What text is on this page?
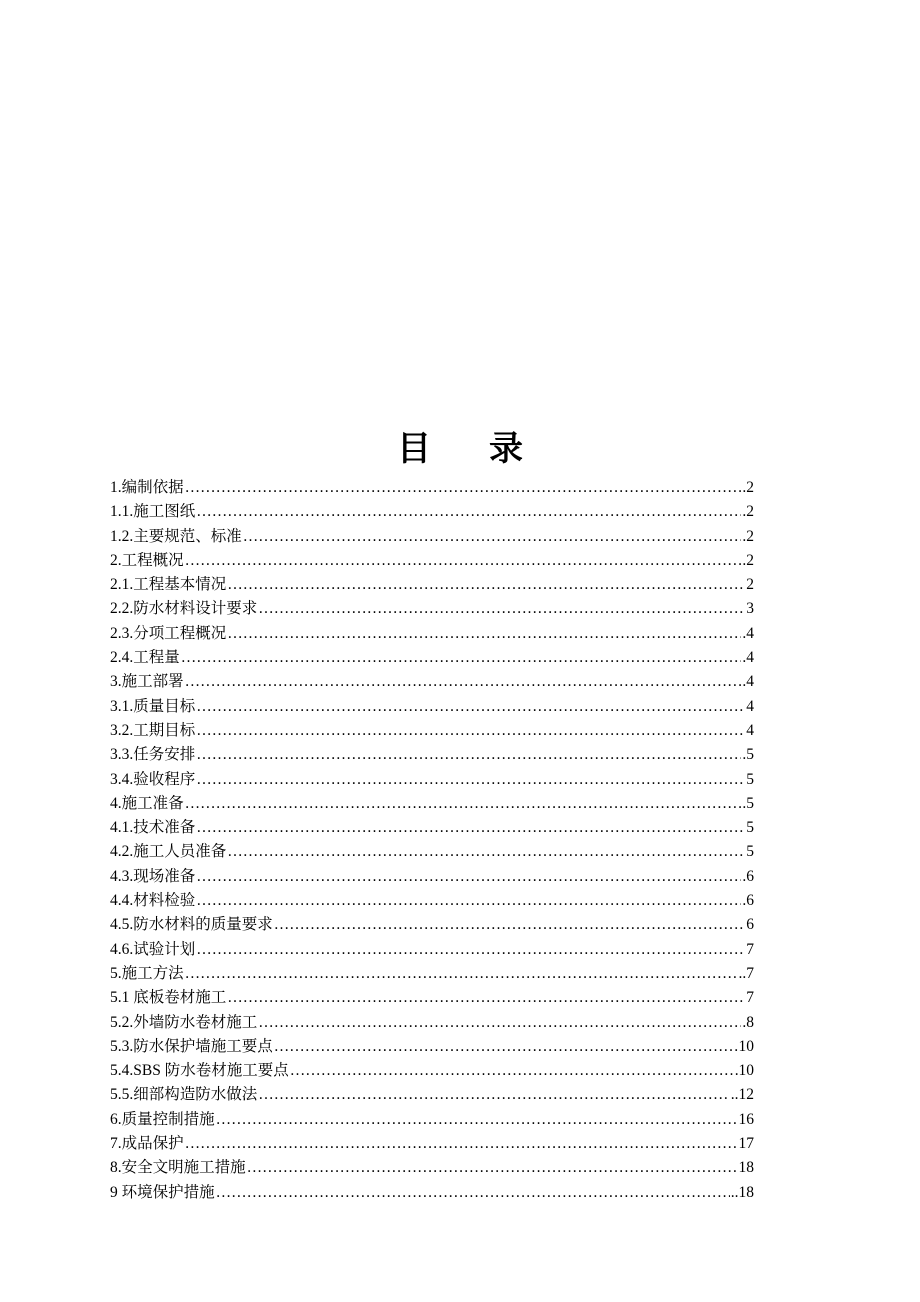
目 录
1.编制依据 …………………………………………………………………………………………………………………………………………………………………………………………	.2
1.1.施工图纸 …………………………………………………………………………………………………………………………………………………………………………………………	.2
1.2.主要规范、标准 …………………………………………………………………………………………………………………………………………………………………………………………	.2
2.工程概况 …………………………………………………………………………………………………………………………………………………………………………………………	.2
2.1.工程基本情况 …………………………………………………………………………………………………………………………………………………………………………………………	2
2.2.防水材料设计要求 …………………………………………………………………………………………………………………………………………………………………………………………	3
2.3.分项工程概况 …………………………………………………………………………………………………………………………………………………………………………………………	.4
2.4.工程量 …………………………………………………………………………………………………………………………………………………………………………………………	.4
3.施工部署 …………………………………………………………………………………………………………………………………………………………………………………………	.4
3.1.质量目标 …………………………………………………………………………………………………………………………………………………………………………………………	4
3.2.工期目标 …………………………………………………………………………………………………………………………………………………………………………………………	4
3.3.任务安排 …………………………………………………………………………………………………………………………………………………………………………………………	.5
3.4.验收程序 …………………………………………………………………………………………………………………………………………………………………………………………	5
4.施工准备 …………………………………………………………………………………………………………………………………………………………………………………………	.5
4.1.技术准备 …………………………………………………………………………………………………………………………………………………………………………………………	5
4.2.施工人员准备 …………………………………………………………………………………………………………………………………………………………………………………………	5
4.3.现场准备 …………………………………………………………………………………………………………………………………………………………………………………………	.6
4.4.材料检验 …………………………………………………………………………………………………………………………………………………………………………………………	.6
4.5.防水材料的质量要求 …………………………………………………………………………………………………………………………………………………………………………………………	6
4.6.试验计划 …………………………………………………………………………………………………………………………………………………………………………………………	7
5.施工方法 …………………………………………………………………………………………………………………………………………………………………………………………	..7
5.1 底板卷材施工 …………………………………………………………………………………………………………………………………………………………………………………………	7
5.2.外墙防水卷材施工 …………………………………………………………………………………………………………………………………………………………………………………………	.8
5.3.防水保护墙施工要点 …………………………………………………………………………………………………………………………………………………………………………………………	10
5.4.SBS 防水卷材施工要点 …………………………………………………………………………………………………………………………………………………………………………………………	10
5.5.细部构造防水做法 …………………………………………………………………………………………………………………………………………………………………………………………	..12
6.质量控制措施 …………………………………………………………………………………………………………………………………………………………………………………………	16
7.成品保护 …………………………………………………………………………………………………………………………………………………………………………………………	17
8.安全文明施工措施 …………………………………………………………………………………………………………………………………………………………………………………………	18
9 环境保护措施 …………………………………………………………………………………………………………………………………………………………………………………………	..18
